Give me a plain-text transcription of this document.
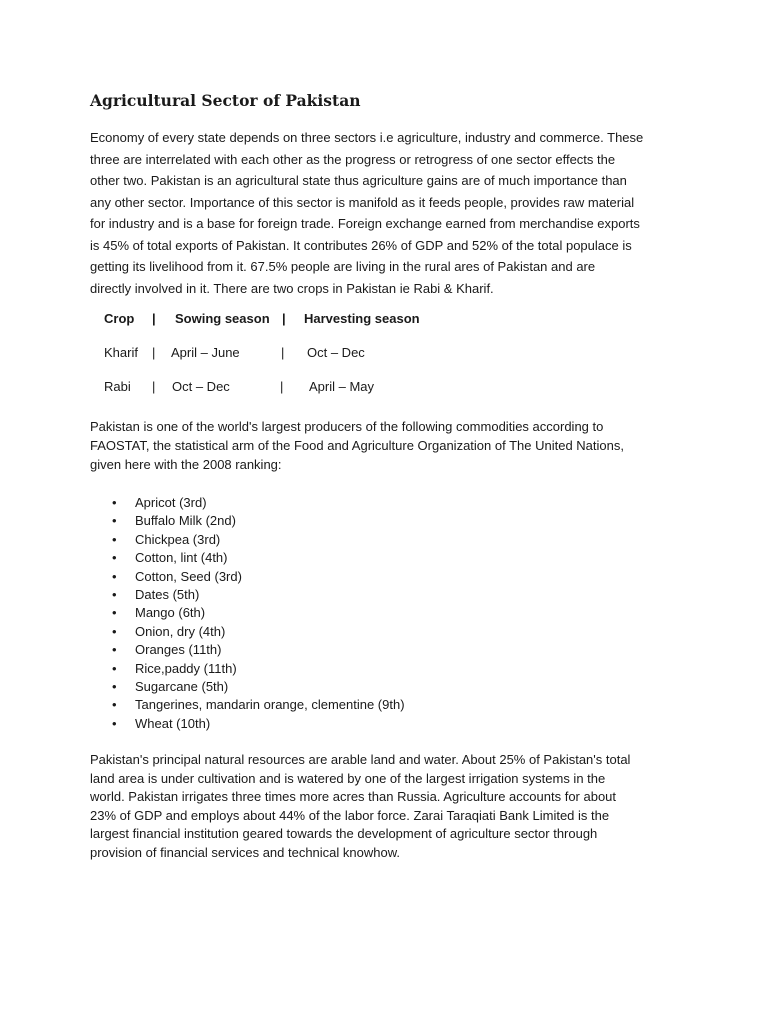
Agricultural Sector of Pakistan
Economy of every state depends on three sectors i.e agriculture, industry and commerce. These
three are interrelated with each other as the progress or retrogress of one sector effects the
other two. Pakistan is an agricultural state thus agriculture gains are of much importance than
any other sector. Importance of this sector is manifold as it feeds people, provides raw material
for industry and is a base for foreign trade. Foreign exchange earned from merchandise exports
is 45% of total exports of Pakistan. It contributes 26% of GDP and 52% of the total populace is
getting its livelihood from it. 67.5% people are living in the rural ares of Pakistan and are
directly involved in it. There are two crops in Pakistan ie Rabi & Kharif.
Crop | Sowing season | Harvesting season
Kharif | April – June	| Oct – Dec
Rabi | Oct – Dec	| April – May
Pakistan is one of the world's largest producers of the following commodities according to
FAOSTAT, the statistical arm of the Food and Agriculture Organization of The United Nations,
given here with the 2008 ranking:
• Apricot (3rd)
• Buffalo Milk (2nd)
• Chickpea (3rd)
• Cotton, lint (4th)
• Cotton, Seed (3rd)
• Dates (5th)
• Mango (6th)
• Onion, dry (4th)
• Oranges (11th)
• Rice,paddy (11th)
• Sugarcane (5th)
• Tangerines, mandarin orange, clementine (9th)
• Wheat (10th)
Pakistan's principal natural resources are arable land and water. About 25% of Pakistan's total
land area is under cultivation and is watered by one of the largest irrigation systems in the
world. Pakistan irrigates three times more acres than Russia. Agriculture accounts for about
23% of GDP and employs about 44% of the labor force. Zarai Taraqiati Bank Limited is the
largest financial institution geared towards the development of agriculture sector through
provision of financial services and technical knowhow.
